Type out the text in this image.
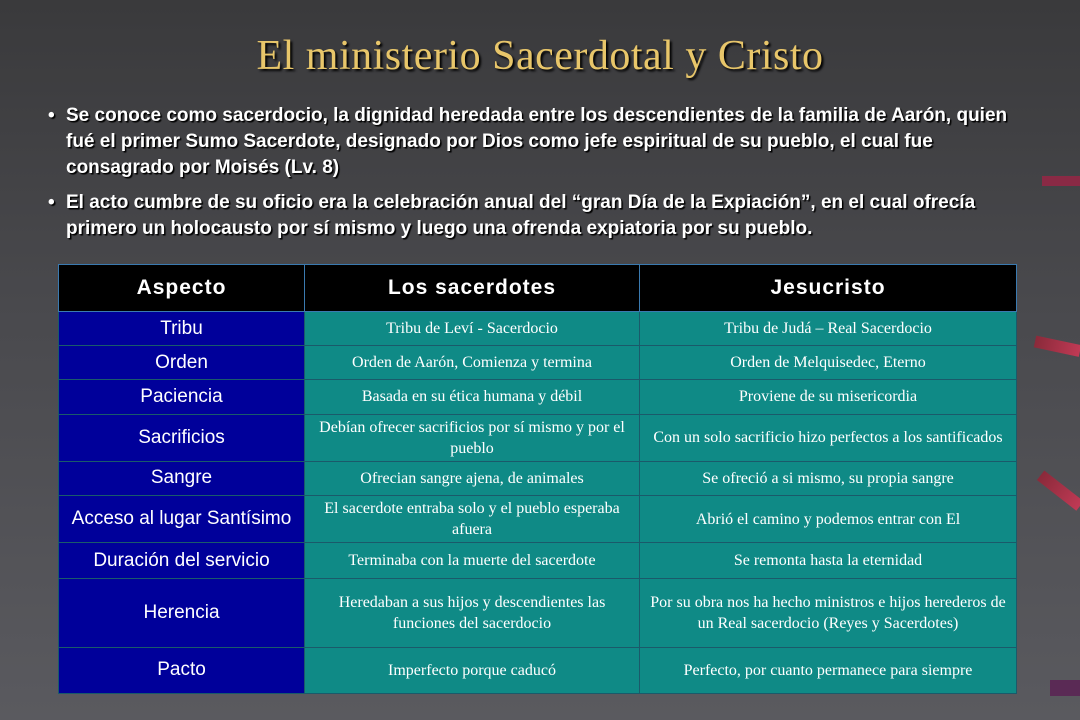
El ministerio Sacerdotal y Cristo
• Se conoce como sacerdocio, la dignidad heredada entre los descendientes de la familia de Aarón, quien fué el primer Sumo Sacerdote, designado por Dios como jefe espiritual de su pueblo, el cual fue consagrado por Moisés (Lv. 8)
• El acto cumbre de su oficio era la celebración anual del “gran Día de la Expiación”, en el cual ofrecía primero un holocausto por sí mismo y luego una ofrenda expiatoria por su pueblo.
Aspecto	Los sacerdotes	Jesucristo
Tribu	Tribu de Leví - Sacerdocio	Tribu de Judá – Real Sacerdocio
Orden	Orden de Aarón, Comienza y termina	Orden de Melquisedec, Eterno
Paciencia	Basada en su ética humana y débil	Proviene de su misericordia
Sacrificios	Debían ofrecer sacrificios por sí mismo y por el pueblo	Con un solo sacrificio hizo perfectos a los santificados
Sangre	Ofrecian sangre ajena, de animales	Se ofreció a si mismo, su propia sangre
Acceso al lugar Santísimo	El sacerdote entraba solo y el pueblo esperaba afuera	Abrió el camino y podemos entrar con El
Duración del servicio	Terminaba con la muerte del sacerdote	Se remonta hasta la eternidad
Herencia	Heredaban a sus hijos y descendientes las funciones del sacerdocio	Por su obra nos ha hecho ministros e hijos herederos de un Real sacerdocio (Reyes y Sacerdotes)
Pacto	Imperfecto porque caducó	Perfecto, por cuanto permanece para siempre
